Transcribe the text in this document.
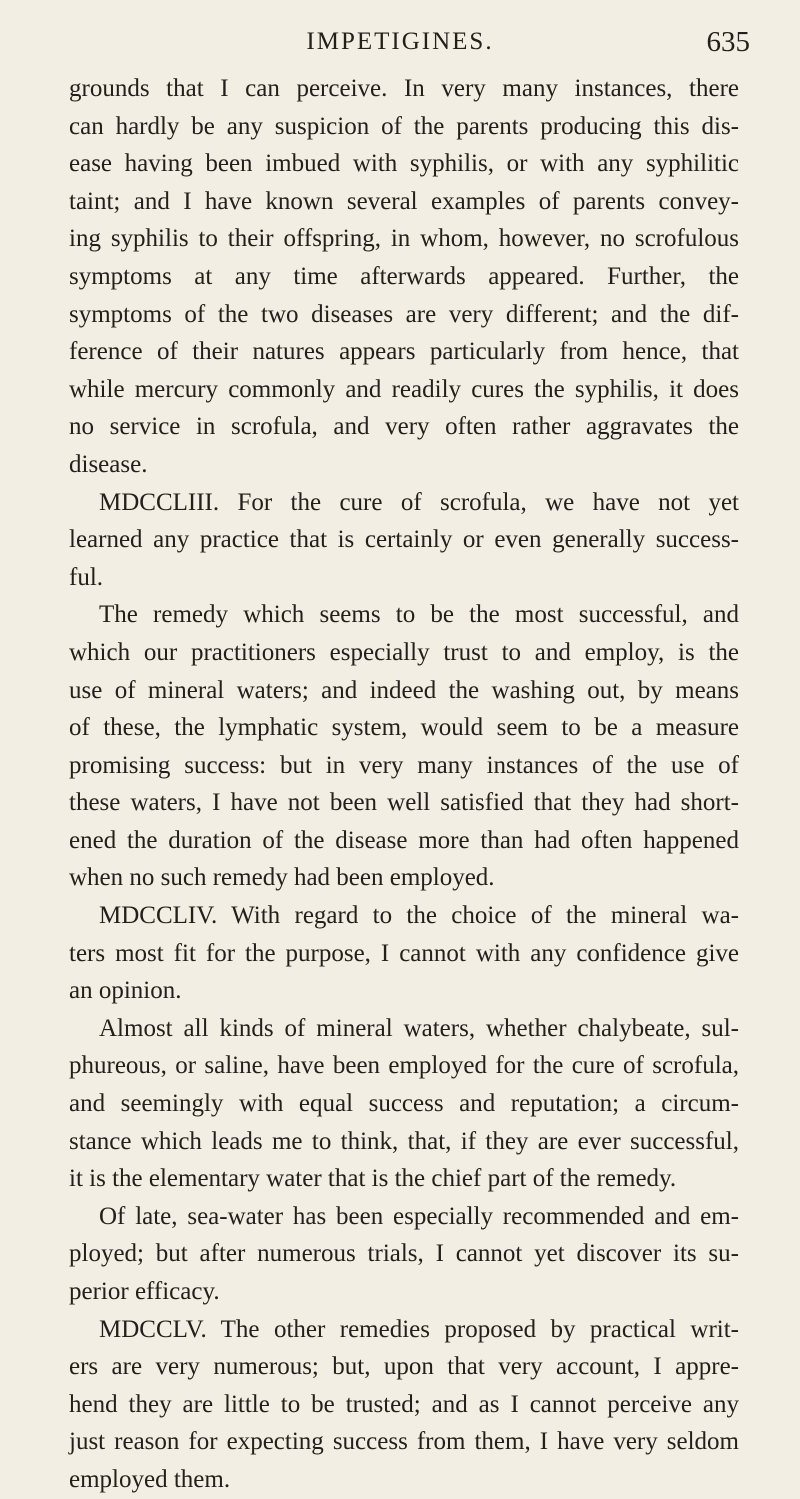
IMPETIGINES.	635
grounds that I can perceive. In very many instances, there
can hardly be any suspicion of the parents producing this dis-
ease having been imbued with syphilis, or with any syphilitic
taint; and I have known several examples of parents convey-
ing syphilis to their offspring, in whom, however, no scrofulous
symptoms at any time afterwards appeared. Further, the
symptoms of the two diseases are very different; and the dif-
ference of their natures appears particularly from hence, that
while mercury commonly and readily cures the syphilis, it does
no service in scrofula, and very often rather aggravates the
disease.
MDCCLIII. For the cure of scrofula, we have not yet
learned any practice that is certainly or even generally success-
ful.
The remedy which seems to be the most successful, and
which our practitioners especially trust to and employ, is the
use of mineral waters; and indeed the washing out, by means
of these, the lymphatic system, would seem to be a measure
promising success: but in very many instances of the use of
these waters, I have not been well satisfied that they had short-
ened the duration of the disease more than had often happened
when no such remedy had been employed.
MDCCLIV. With regard to the choice of the mineral wa-
ters most fit for the purpose, I cannot with any confidence give
an opinion.
Almost all kinds of mineral waters, whether chalybeate, sul-
phureous, or saline, have been employed for the cure of scrofula,
and seemingly with equal success and reputation; a circum-
stance which leads me to think, that, if they are ever successful,
it is the elementary water that is the chief part of the remedy.
Of late, sea-water has been especially recommended and em-
ployed; but after numerous trials, I cannot yet discover its su-
perior efficacy.
MDCCLV. The other remedies proposed by practical writ-
ers are very numerous; but, upon that very account, I appre-
hend they are little to be trusted; and as I cannot perceive any
just reason for expecting success from them, I have very seldom
employed them.
